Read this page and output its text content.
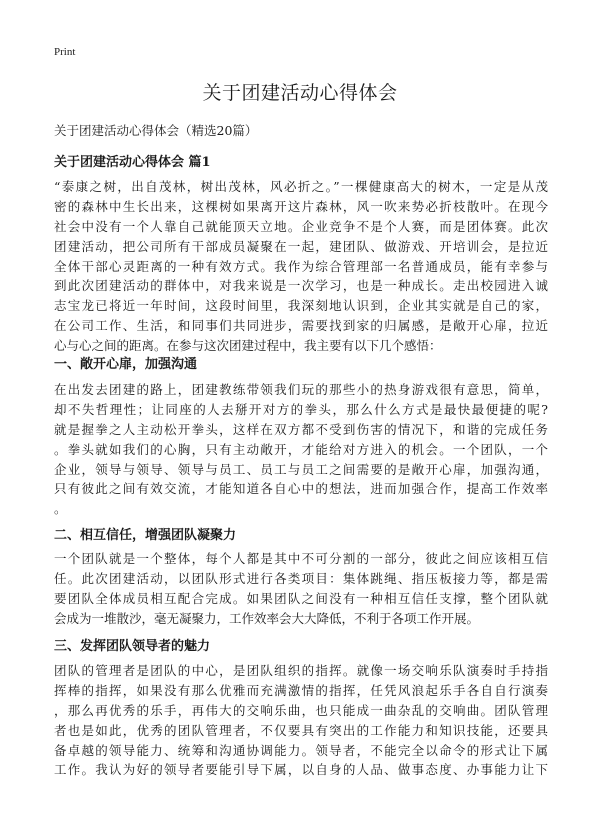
Print
关于团建活动心得体会
关于团建活动心得体会（精选20篇）
关于团建活动心得体会 篇1
“泰康之树，出自茂林，树出茂林，风必折之。”一棵健康高大的树木，一定是从茂
密的森林中生长出来，这棵树如果离开这片森林，风一吹来势必折枝散叶。在现今
社会中没有一个人靠自己就能顶天立地。企业竞争不是个人赛，而是团体赛。此次
团建活动，把公司所有干部成员凝聚在一起，建团队、做游戏、开培训会，是拉近
全体干部心灵距离的一种有效方式。我作为综合管理部一名普通成员，能有幸参与
到此次团建活动的群体中，对我来说是一次学习，也是一种成长。走出校园进入诚
志宝龙已将近一年时间，这段时间里，我深刻地认识到，企业其实就是自己的家，
在公司工作、生活，和同事们共同进步，需要找到家的归属感，是敞开心扉，拉近
心与心之间的距离。在参与这次团建过程中，我主要有以下几个感悟：
一、敞开心扉，加强沟通
在出发去团建的路上，团建教练带领我们玩的那些小的热身游戏很有意思，简单，
却不失哲理性；让同座的人去掰开对方的拳头，那么什么方式是最快最便捷的呢?
就是握拳之人主动松开拳头，这样在双方都不受到伤害的情况下，和谐的完成任务
。拳头就如我们的心胸，只有主动敞开，才能给对方进入的机会。一个团队，一个
企业，领导与领导、领导与员工、员工与员工之间需要的是敞开心扉，加强沟通，
只有彼此之间有效交流，才能知道各自心中的想法，进而加强合作，提高工作效率
。
二、相互信任，增强团队凝聚力
一个团队就是一个整体，每个人都是其中不可分割的一部分，彼此之间应该相互信
任。此次团建活动，以团队形式进行各类项目：集体跳绳、指压板接力等，都是需
要团队全体成员相互配合完成。如果团队之间没有一种相互信任支撑，整个团队就
会成为一堆散沙，毫无凝聚力，工作效率会大大降低，不利于各项工作开展。
三、发挥团队领导者的魅力
团队的管理者是团队的中心，是团队组织的指挥。就像一场交响乐队演奏时手持指
挥棒的指挥，如果没有那么优雅而充满激情的指挥，任凭风浪起乐手各自自行演奏
，那么再优秀的乐手，再伟大的交响乐曲，也只能成一曲杂乱的交响曲。团队管理
者也是如此，优秀的团队管理者，不仅要具有突出的工作能力和知识技能，还要具
备卓越的领导能力、统筹和沟通协调能力。领导者，不能完全以命令的形式让下属
工作。我认为好的领导者要能引导下属，以自身的人品、做事态度、办事能力让下
